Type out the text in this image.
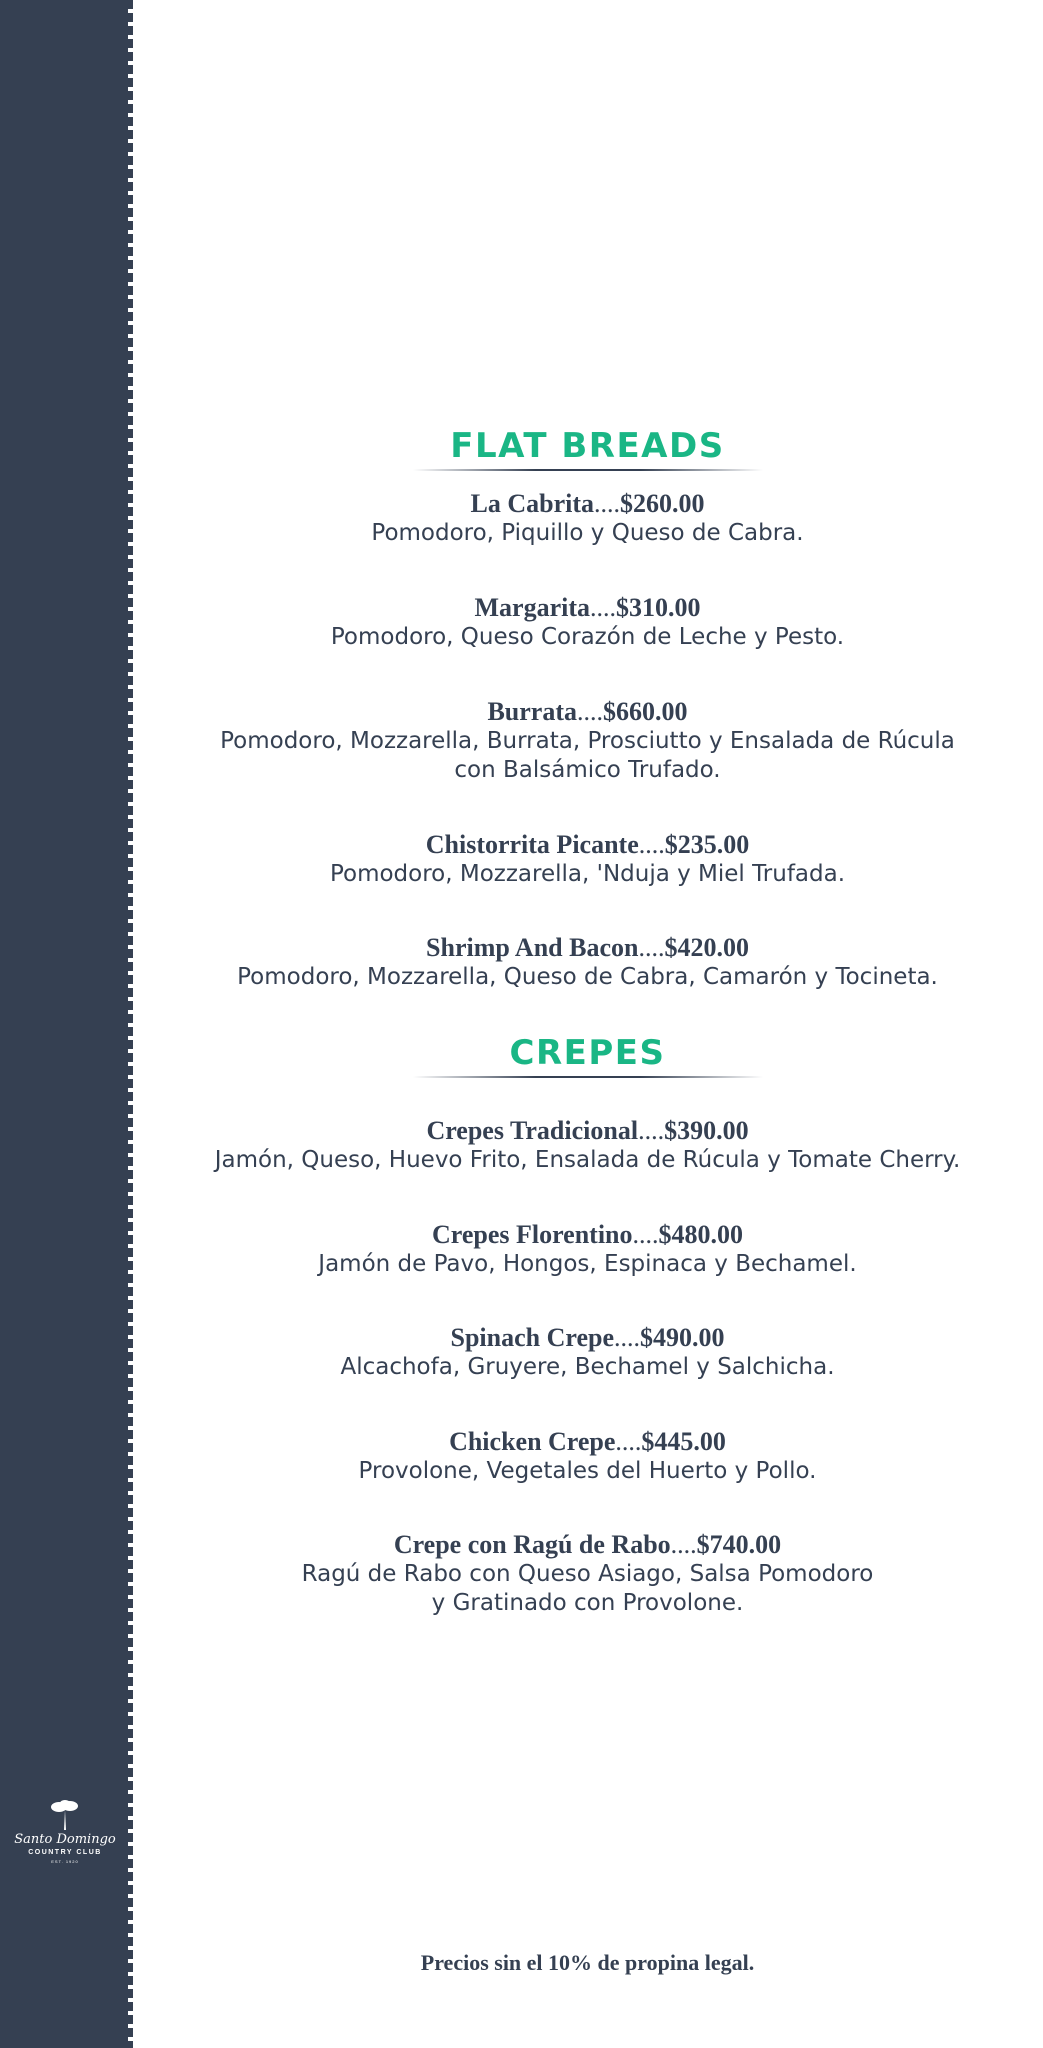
Santo Domingo
COUNTRY CLUB
EST. 1920
FLAT BREADS
La Cabrita....$260.00
Pomodoro, Piquillo y Queso de Cabra.
Margarita....$310.00
Pomodoro, Queso Corazón de Leche y Pesto.
Burrata....$660.00
Pomodoro, Mozzarella, Burrata, Prosciutto y Ensalada de Rúcula
con Balsámico Trufado.
Chistorrita Picante....$235.00
Pomodoro, Mozzarella, 'Nduja y Miel Trufada.
Shrimp And Bacon....$420.00
Pomodoro, Mozzarella, Queso de Cabra, Camarón y Tocineta.
CREPES
Crepes Tradicional....$390.00
Jamón, Queso, Huevo Frito, Ensalada de Rúcula y Tomate Cherry.
Crepes Florentino....$480.00
Jamón de Pavo, Hongos, Espinaca y Bechamel.
Spinach Crepe....$490.00
Alcachofa, Gruyere, Bechamel y Salchicha.
Chicken Crepe....$445.00
Provolone, Vegetales del Huerto y Pollo.
Crepe con Ragú de Rabo....$740.00
Ragú de Rabo con Queso Asiago, Salsa Pomodoro
y Gratinado con Provolone.
Precios sin el 10% de propina legal.
